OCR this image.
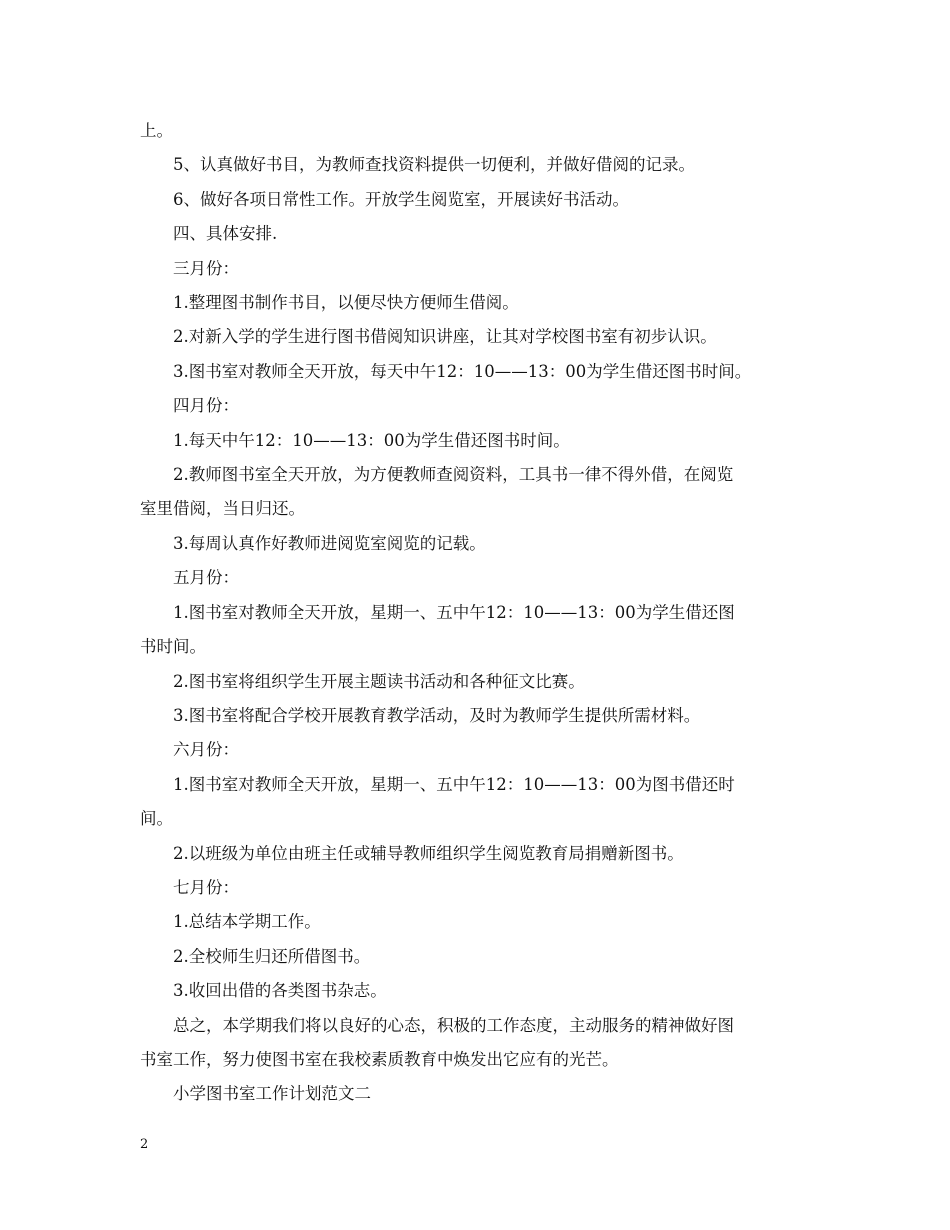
上。
5、认真做好书目，为教师查找资料提供一切便利，并做好借阅的记录。
6、做好各项日常性工作。开放学生阅览室，开展读好书活动。
四、具体安排.
三月份：
1.整理图书制作书目，以便尽快方便师生借阅。
2.对新入学的学生进行图书借阅知识讲座，让其对学校图书室有初步认识。
3.图书室对教师全天开放，每天中午12：10——13：00为学生借还图书时间。
四月份：
1.每天中午12：10——13：00为学生借还图书时间。
2.教师图书室全天开放，为方便教师查阅资料，工具书一律不得外借，在阅览
室里借阅，当日归还。
3.每周认真作好教师进阅览室阅览的记载。
五月份：
1.图书室对教师全天开放，星期一、五中午12：10——13：00为学生借还图
书时间。
2.图书室将组织学生开展主题读书活动和各种征文比赛。
3.图书室将配合学校开展教育教学活动，及时为教师学生提供所需材料。
六月份：
1.图书室对教师全天开放，星期一、五中午12：10——13：00为图书借还时
间。
2.以班级为单位由班主任或辅导教师组织学生阅览教育局捐赠新图书。
七月份：
1.总结本学期工作。
2.全校师生归还所借图书。
3.收回出借的各类图书杂志。
总之，本学期我们将以良好的心态，积极的工作态度，主动服务的精神做好图
书室工作，努力使图书室在我校素质教育中焕发出它应有的光芒。
小学图书室工作计划范文二
2
